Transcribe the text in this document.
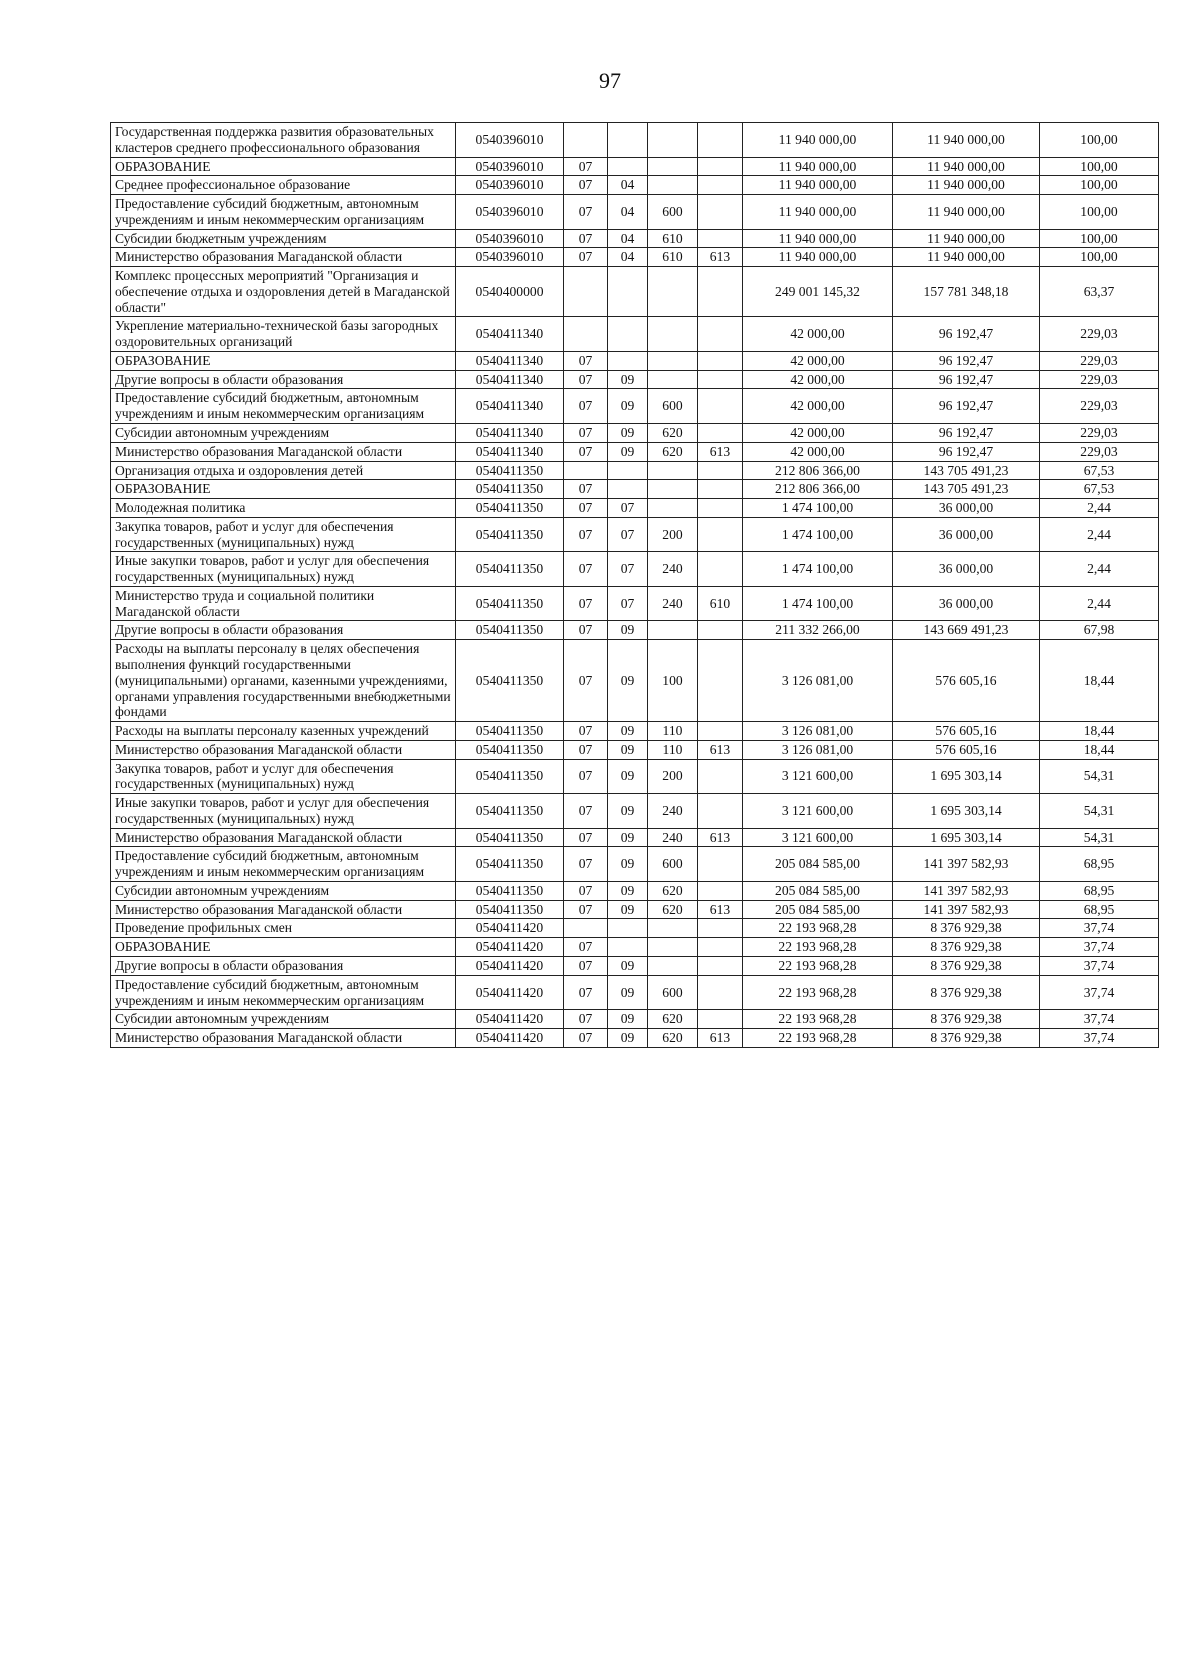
97
Государственная поддержка развития образовательных кластеров среднего профессионального образования	0540396010					11 940 000,00	11 940 000,00	100,00
ОБРАЗОВАНИЕ	0540396010	07				11 940 000,00	11 940 000,00	100,00
Среднее профессиональное образование	0540396010	07	04			11 940 000,00	11 940 000,00	100,00
Предоставление субсидий бюджетным, автономным учреждениям и иным некоммерческим организациям	0540396010	07	04	600		11 940 000,00	11 940 000,00	100,00
Субсидии бюджетным учреждениям	0540396010	07	04	610		11 940 000,00	11 940 000,00	100,00
Министерство образования Магаданской области	0540396010	07	04	610	613	11 940 000,00	11 940 000,00	100,00
Комплекс процессных мероприятий "Организация и обеспечение отдыха и оздоровления детей в Магаданской области"	0540400000					249 001 145,32	157 781 348,18	63,37
Укрепление материально-технической базы загородных оздоровительных организаций	0540411340					42 000,00	96 192,47	229,03
ОБРАЗОВАНИЕ	0540411340	07				42 000,00	96 192,47	229,03
Другие вопросы в области образования	0540411340	07	09			42 000,00	96 192,47	229,03
Предоставление субсидий бюджетным, автономным учреждениям и иным некоммерческим организациям	0540411340	07	09	600		42 000,00	96 192,47	229,03
Субсидии автономным учреждениям	0540411340	07	09	620		42 000,00	96 192,47	229,03
Министерство образования Магаданской области	0540411340	07	09	620	613	42 000,00	96 192,47	229,03
Организация отдыха и оздоровления детей	0540411350					212 806 366,00	143 705 491,23	67,53
ОБРАЗОВАНИЕ	0540411350	07				212 806 366,00	143 705 491,23	67,53
Молодежная политика	0540411350	07	07			1 474 100,00	36 000,00	2,44
Закупка товаров, работ и услуг для обеспечения государственных (муниципальных) нужд	0540411350	07	07	200		1 474 100,00	36 000,00	2,44
Иные закупки товаров, работ и услуг для обеспечения государственных (муниципальных) нужд	0540411350	07	07	240		1 474 100,00	36 000,00	2,44
Министерство труда и социальной политики Магаданской области	0540411350	07	07	240	610	1 474 100,00	36 000,00	2,44
Другие вопросы в области образования	0540411350	07	09			211 332 266,00	143 669 491,23	67,98
Расходы на выплаты персоналу в целях обеспечения выполнения функций государственными (муниципальными) органами, казенными учреждениями, органами управления государственными внебюджетными фондами	0540411350	07	09	100		3 126 081,00	576 605,16	18,44
Расходы на выплаты персоналу казенных учреждений	0540411350	07	09	110		3 126 081,00	576 605,16	18,44
Министерство образования Магаданской области	0540411350	07	09	110	613	3 126 081,00	576 605,16	18,44
Закупка товаров, работ и услуг для обеспечения государственных (муниципальных) нужд	0540411350	07	09	200		3 121 600,00	1 695 303,14	54,31
Иные закупки товаров, работ и услуг для обеспечения государственных (муниципальных) нужд	0540411350	07	09	240		3 121 600,00	1 695 303,14	54,31
Министерство образования Магаданской области	0540411350	07	09	240	613	3 121 600,00	1 695 303,14	54,31
Предоставление субсидий бюджетным, автономным учреждениям и иным некоммерческим организациям	0540411350	07	09	600		205 084 585,00	141 397 582,93	68,95
Субсидии автономным учреждениям	0540411350	07	09	620		205 084 585,00	141 397 582,93	68,95
Министерство образования Магаданской области	0540411350	07	09	620	613	205 084 585,00	141 397 582,93	68,95
Проведение профильных смен	0540411420					22 193 968,28	8 376 929,38	37,74
ОБРАЗОВАНИЕ	0540411420	07				22 193 968,28	8 376 929,38	37,74
Другие вопросы в области образования	0540411420	07	09			22 193 968,28	8 376 929,38	37,74
Предоставление субсидий бюджетным, автономным учреждениям и иным некоммерческим организациям	0540411420	07	09	600		22 193 968,28	8 376 929,38	37,74
Субсидии автономным учреждениям	0540411420	07	09	620		22 193 968,28	8 376 929,38	37,74
Министерство образования Магаданской области	0540411420	07	09	620	613	22 193 968,28	8 376 929,38	37,74
